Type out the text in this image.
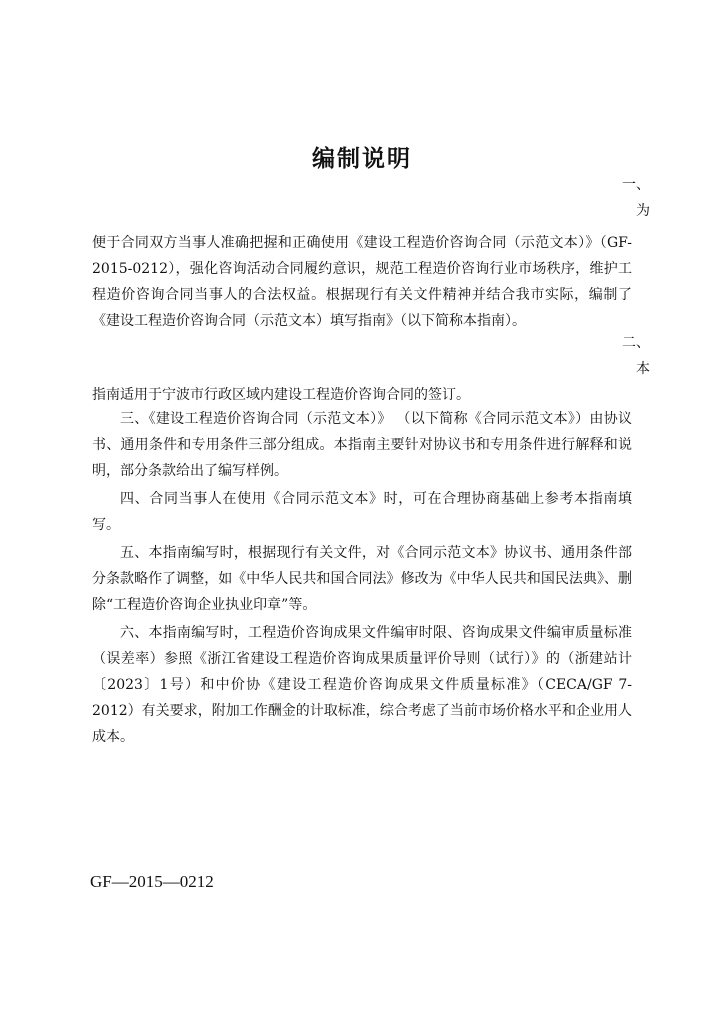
编制说明
一、
为

便于合同双方当事人准确把握和正确使用《建设工程造价咨询合同（示范文本）》（GF-2015-0212），强化咨询活动合同履约意识，规范工程造价咨询行业市场秩序，维护工程造价咨询合同当事人的合法权益。根据现行有关文件精神并结合我市实际，编制了《建设工程造价咨询合同（示范文本）填写指南》（以下简称本指南）。

二、
本

指南适用于宁波市行政区域内建设工程造价咨询合同的签订。

三、《建设工程造价咨询合同（示范文本）》 （以下简称《合同示范文本》）由协议书、通用条件和专用条件三部分组成。本指南主要针对协议书和专用条件进行解释和说明，部分条款给出了编写样例。

四、合同当事人在使用《合同示范文本》时，可在合理协商基础上参考本指南填写。

五、本指南编写时，根据现行有关文件，对《合同示范文本》协议书、通用条件部分条款略作了调整，如《中华人民共和国合同法》修改为《中华人民共和国民法典》、删除“工程造价咨询企业执业印章”等。

六、本指南编写时，工程造价咨询成果文件编审时限、咨询成果文件编审质量标准（误差率）参照《浙江省建设工程造价咨询成果质量评价导则（试行）》的（浙建站计〔2023〕1号）和中价协《建设工程造价咨询成果文件质量标准》（CECA/GF 7-2012）有关要求，附加工作酬金的计取标准，综合考虑了当前市场价格水平和企业用人成本。

GF—2015—0212
